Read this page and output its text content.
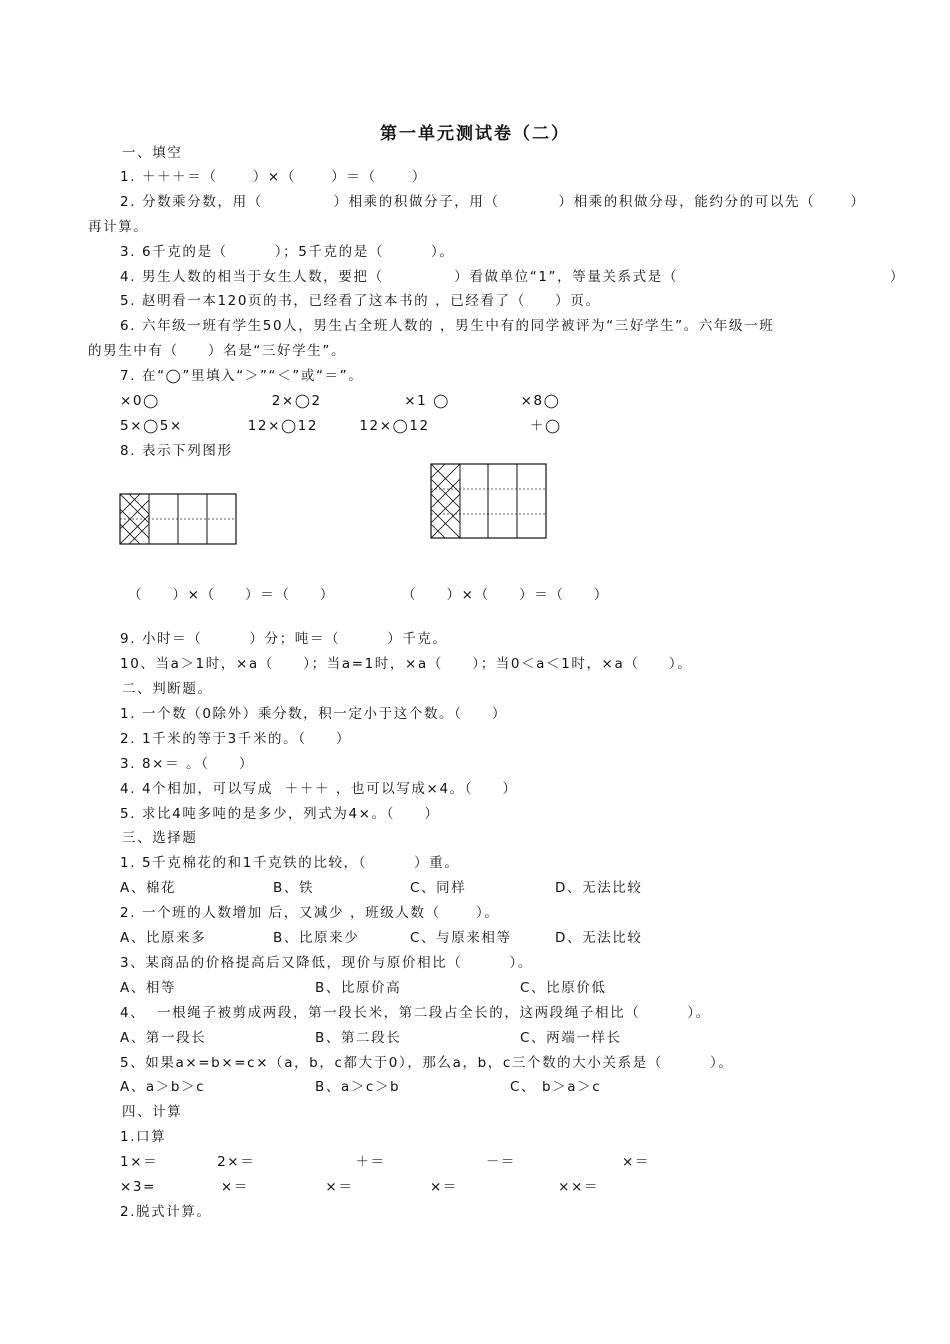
第一单元测试卷（二）
一、填空
1. ＋＋＋＝（      ）×（      ）＝（      ）
2. 分数乘分数，用（            ）相乘的积做分子，用（          ）相乘的积做分母，能约分的可以先（      ）
再计算。
3. 6千克的是（        ）；5千克的是（        ）。
4. 男生人数的相当于女生人数，要把（            ）看做单位“1”，等量关系式是（                                    ）
5. 赵明看一本120页的书，已经看了这本书的 ，已经看了（     ）页。
6. 六年级一班有学生50人，男生占全班人数的 ，男生中有的同学被评为“三好学生”。六年级一班
的男生中有（     ）名是“三好学生”。
7. 在“◯”里填入“＞”“＜”或“＝”。
×0◯                   2×◯2              ×1 ◯            ×8◯
5×◯5×           12×◯12       12×◯12                 ＋◯
8. 表示下列图形
（     ）×（     ）＝（     ）	（     ）×（     ）＝（     ）
9. 小时＝（        ）分；吨＝（        ）千克。
10、当a＞1时，×a（     ）；当a=1时，×a（     ）；当0＜a＜1时，×a（     ）。
二、判断题。
1. 一个数（0除外）乘分数，积一定小于这个数。（     ）
2. 1千米的等于3千米的。（     ）
3. 8×＝ 。（     ）
4. 4个相加，可以写成  ＋＋＋ ，也可以写成×4。（     ）
5. 求比4吨多吨的是多少，列式为4×。（     ）
三、选择题
1. 5千克棉花的和1千克铁的比较，（        ）重。
A、棉花	B、铁	C、同样	D、无法比较
2. 一个班的人数增加 后，又减少 ，班级人数（      ）。
A、比原来多	B、比原来少	C、与原来相等	D、无法比较
3、某商品的价格提高后又降低，现价与原价相比（        ）。
A、相等	B、比原价高	C、比原价低
4、  一根绳子被剪成两段，第一段长米，第二段占全长的，这两段绳子相比（        ）。
A、第一段长	B、第二段长	C、两端一样长
5、如果a×=b×=c×（a，b，c都大于0），那么a，b，c三个数的大小关系是（        ）。
A、a＞b＞c	B、a＞c＞b	C、 b＞a＞c
四、计算
1.口算
1×＝          2×＝                 ＋＝                 －＝                  ×＝
×3=           ×＝             ×＝             ×＝                 ××＝
2.脱式计算。
